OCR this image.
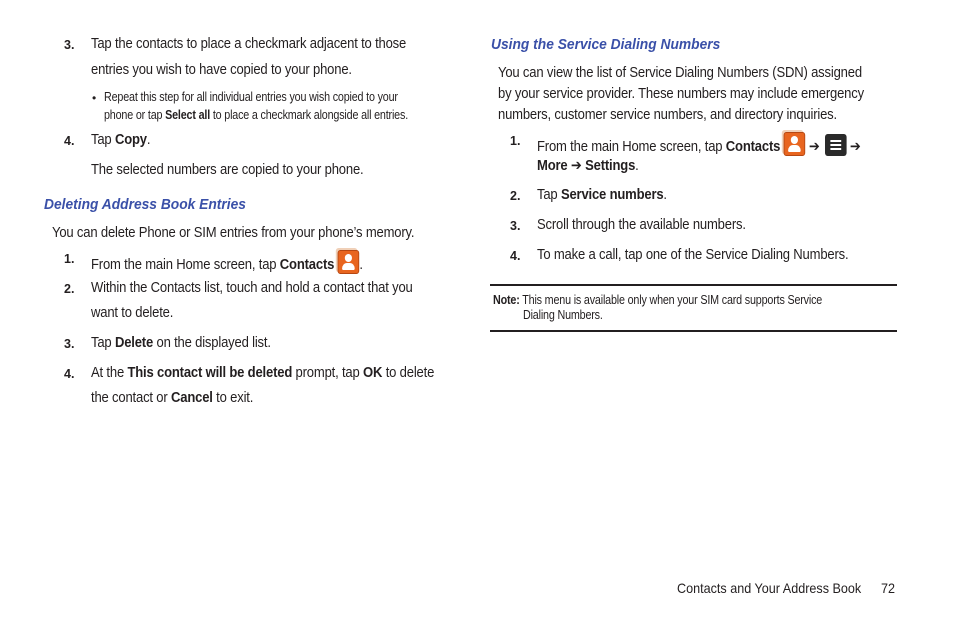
3. Tap the contacts to place a checkmark adjacent to those
entries you wish to have copied to your phone.
• Repeat this step for all individual entries you wish copied to your
phone or tap Select all to place a checkmark alongside all entries.
4. Tap Copy.
The selected numbers are copied to your phone.
Deleting Address Book Entries
You can delete Phone or SIM entries from your phone’s memory.
1. From the main Home screen, tap Contacts .
2. Within the Contacts list, touch and hold a contact that you
want to delete.
3. Tap Delete on the displayed list.
4. At the This contact will be deleted prompt, tap OK to delete
the contact or Cancel to exit.
Using the Service Dialing Numbers
You can view the list of Service Dialing Numbers (SDN) assigned
by your service provider. These numbers may include emergency
numbers, customer service numbers, and directory inquiries.
1. From the main Home screen, tap Contacts ➔ ➔
More ➔ Settings.
2. Tap Service numbers.
3. Scroll through the available numbers.
4. To make a call, tap one of the Service Dialing Numbers.
Note: This menu is available only when your SIM card supports Service
Dialing Numbers.
Contacts and Your Address Book 72
